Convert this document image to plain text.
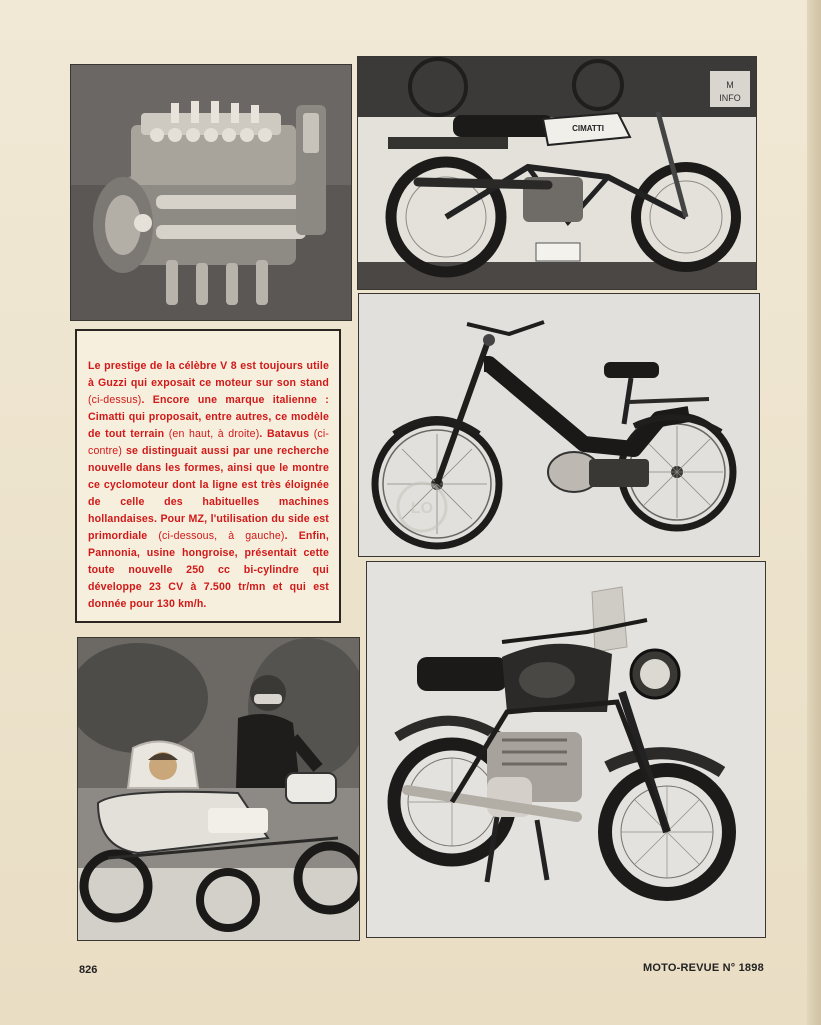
M
INFO
CIMATTI
Le prestige de la célèbre V 8 est toujours utile à Guzzi qui exposait ce moteur sur son stand (ci-dessus). Encore une marque italienne : Cimatti qui proposait, entre autres, ce modèle de tout terrain (en haut, à droite). Batavus (ci-contre) se distinguait aussi par une recherche nouvelle dans les formes, ainsi que le montre ce cyclomoteur dont la ligne est très éloignée de celle des habituelles machines hollandaises. Pour MZ, l'utilisation du side est primordiale (ci-dessous, à gauche). Enfin, Pannonia, usine hongroise, présentait cette toute nouvelle 250 cc bi-cylindre qui développe 23 CV à 7.500 tr/mn et qui est donnée pour 130 km/h.
LO
826	MOTO-REVUE N° 1898
